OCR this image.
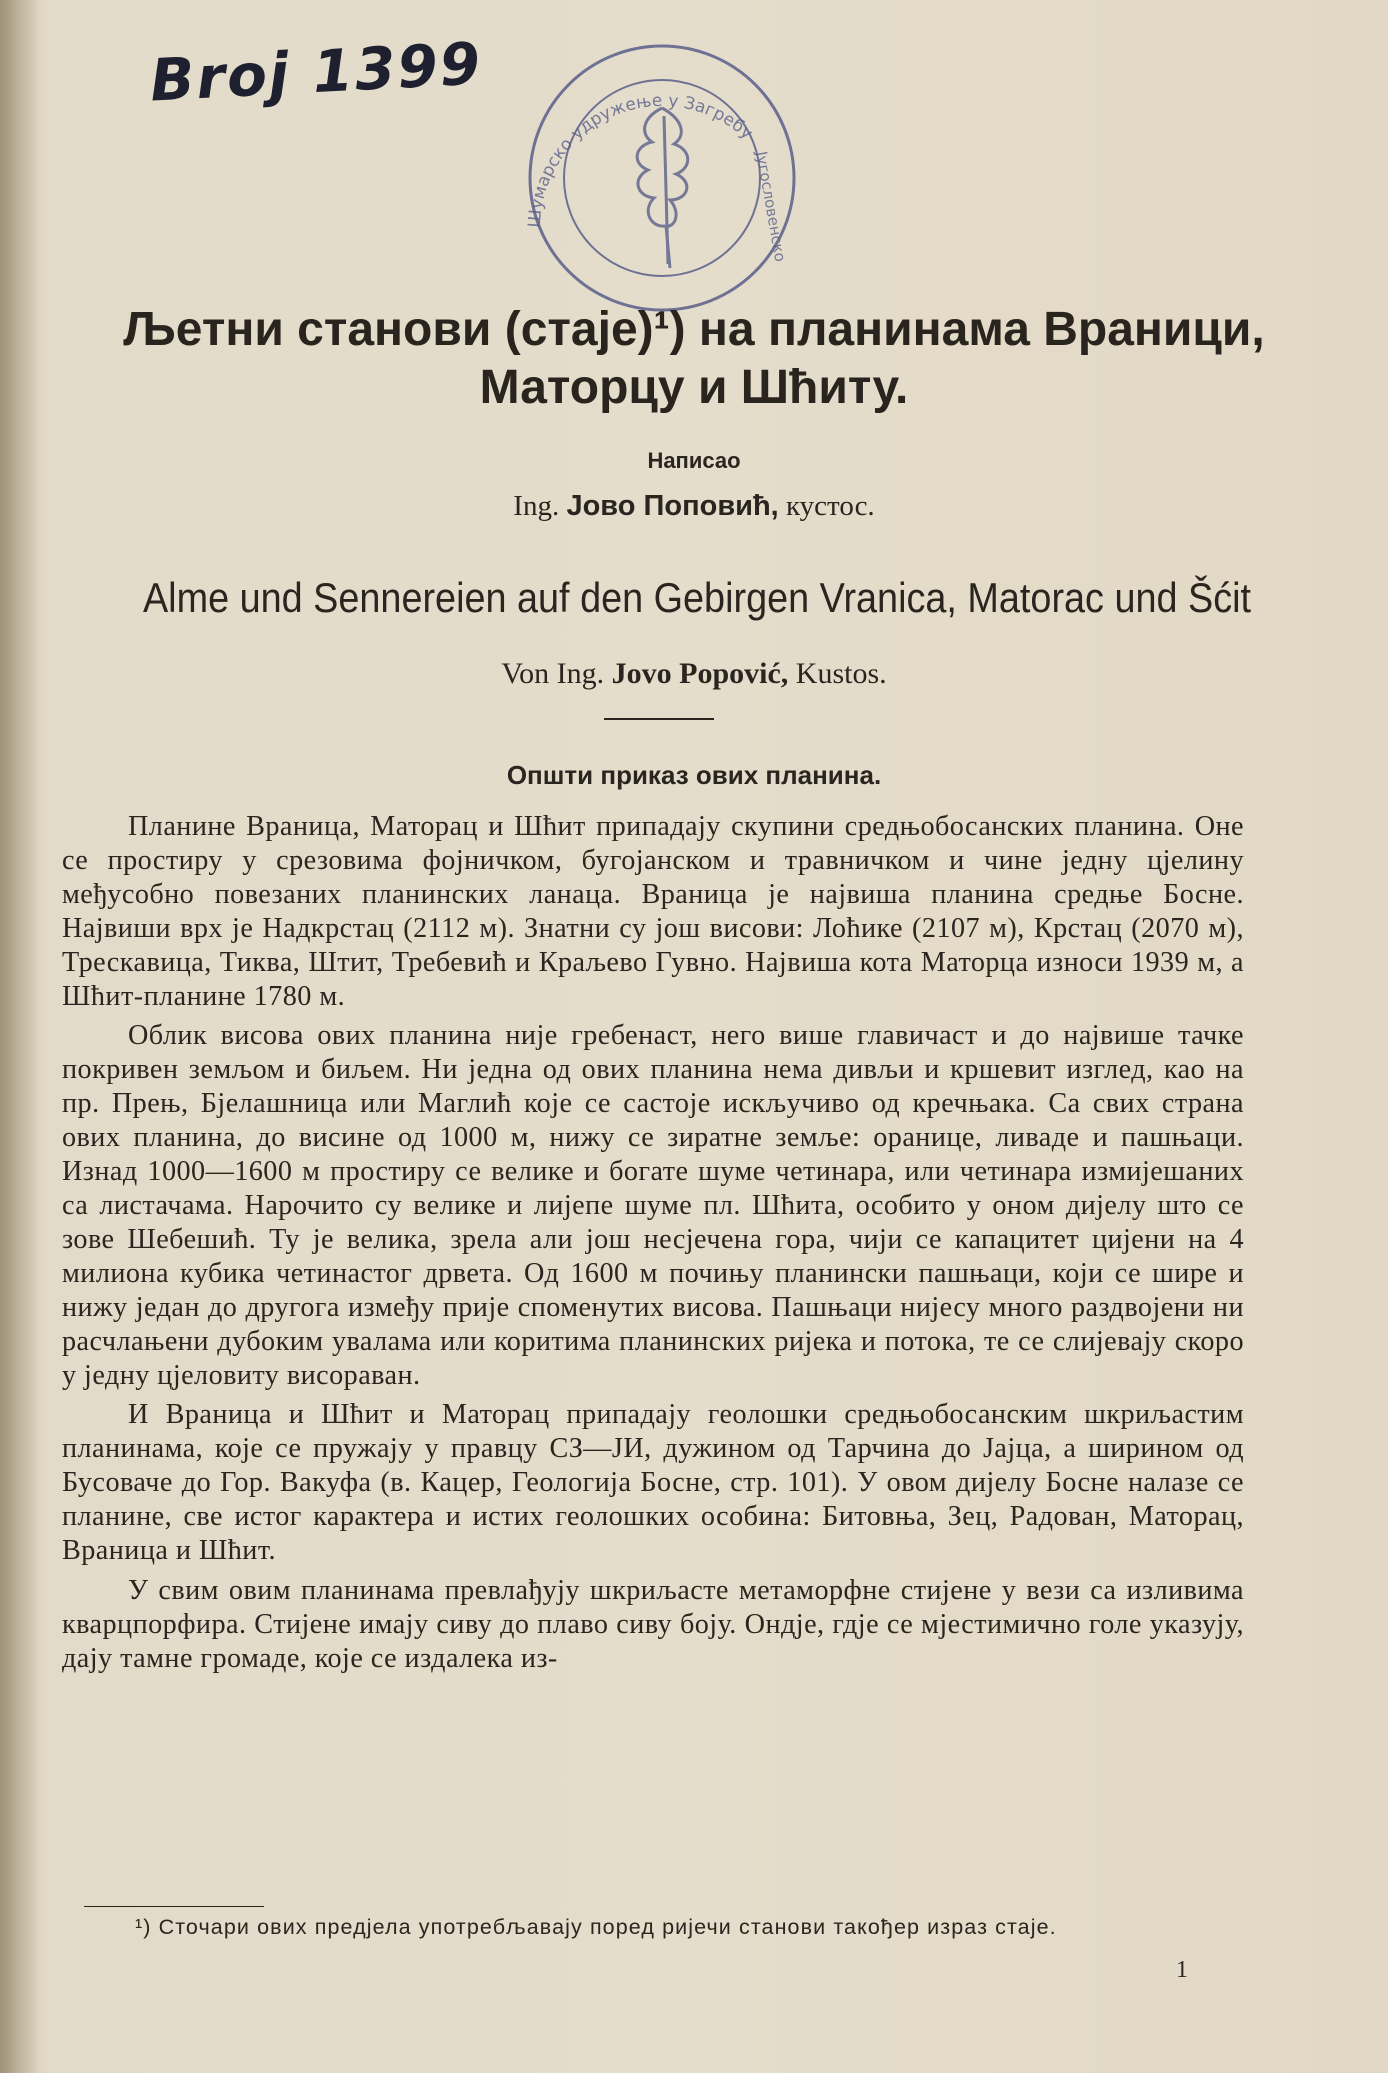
Broj 1399
Шумарско удружење у Загребу
Југословенско
Љетни станови (стаје)¹) на планинама Враници,
Маторцу и Шћиту.
Написао
Ing. Јово Поповић, кустос.
Alme und Sennereien auf den Gebirgen Vranica, Matorac und Šćit
Von Ing. Jovo Popović, Kustos.
Општи приказ ових планина.

Планине Враница, Маторац и Шћит припадају скупини средњобосанских планина. Оне се простиру у срезовима фојничком, бугојанском и травничком и чине једну цјелину међусобно повезаних планинских ланаца. Враница је највиша планина средње Босне. Највиши врх је Надкрстац (2112 м). Знатни су још висови: Лоћике (2107 м), Крстац (2070 м), Трескавица, Тиква, Штит, Требевић и Краљево Гувно. Највиша кота Маторца износи 1939 м, а Шћит-планине 1780 м.

Облик висова ових планина није гребенаст, него више главичаст и до највише тачке покривен земљом и биљем. Ни једна од ових планина нема дивљи и кршевит изглед, као на пр. Прењ, Бјелашница или Маглић које се састоје искључиво од кречњака. Са свих страна ових планина, до висине од 1000 м, нижу се зиратне земље: оранице, ливаде и пашњаци. Изнад 1000—1600 м простиру се велике и богате шуме четинара, или четинара измијешаних са листачама. Нарочито су велике и лијепе шуме пл. Шћита, особито у оном дијелу што се зове Шебешић. Ту је велика, зрела али још несјечена гора, чији се капацитет цијени на 4 милиона кубика четинастог дрвета. Од 1600 м почињу планински пашњаци, који се шире и нижу један до другога између прије споменутих висова. Пашњаци нијесу много раздвојени ни расчлањени дубоким увалама или коритима планинских ријека и потока, те се слијевају скоро у једну цјеловиту висораван.

И Враница и Шћит и Маторац припадају геолошки средњобосанским шкриљастим планинама, које се пружају у правцу СЗ—ЈИ, дужином од Тарчина до Јајца, а ширином од Бусоваче до Гор. Вакуфа (в. Кацер, Геологија Босне, стр. 101). У овом дијелу Босне налазе се планине, све истог карактера и истих геолошких особина: Битовња, Зец, Радован, Маторац, Враница и Шћит.

У свим овим планинама превлађују шкриљасте метаморфне стијене у вези са изливима кварцпорфира. Стијене имају сиву до плаво сиву боју. Ондје, гдје се мјестимично голе указују, дају тамне громаде, које се издалека из-

¹) Сточари ових предјела употребљавају поред ријечи станови такођер израз стаје.
1
